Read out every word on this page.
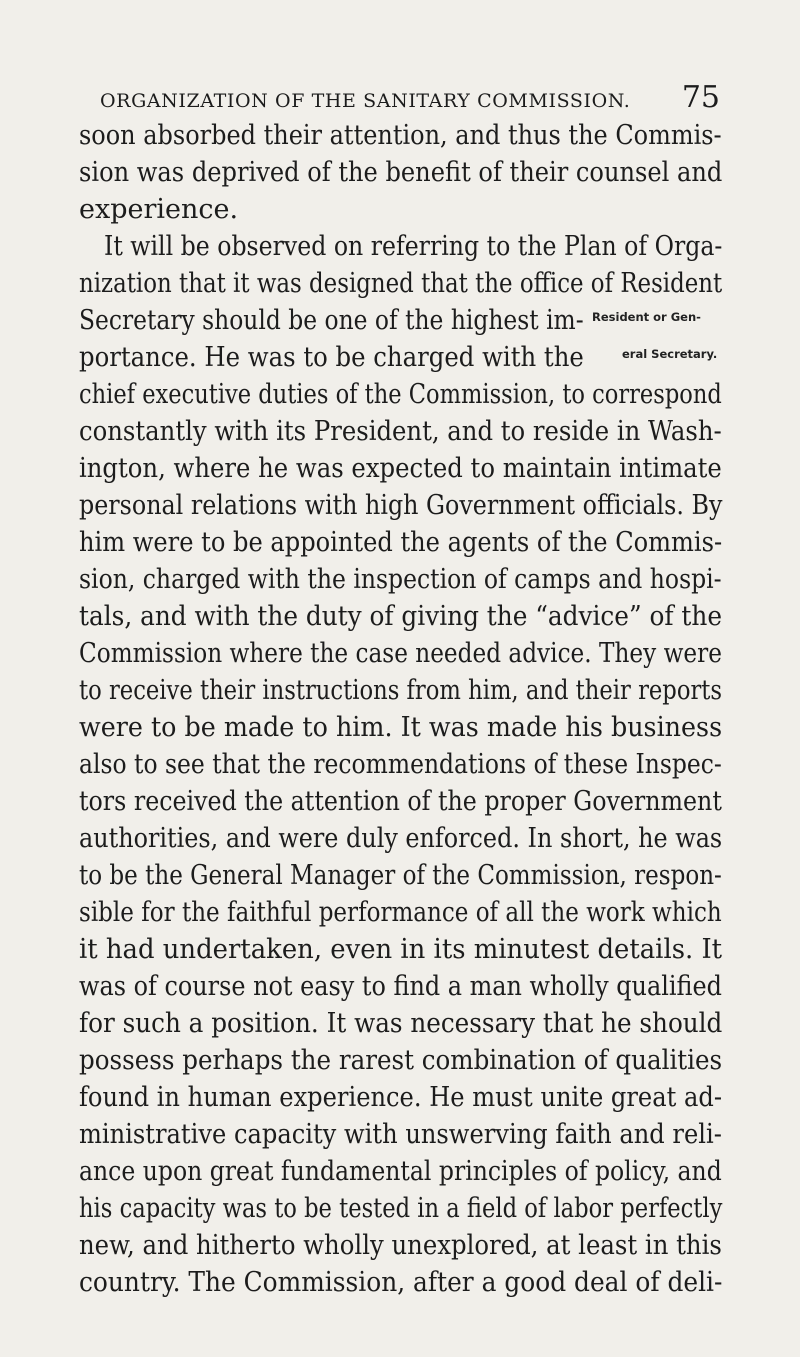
ORGANIZATION OF THE SANITARY COMMISSION. 75
soon absorbed their attention, and thus the Commis-
sion was deprived of the benefit of their counsel and
experience.
It will be observed on referring to the Plan of Orga-
nization that it was designed that the office of Resident
Secretary should be one of the highest im-
portance. He was to be charged with the
chief executive duties of the Commission, to correspond
constantly with its President, and to reside in Wash-
ington, where he was expected to maintain intimate
personal relations with high Government officials. By
him were to be appointed the agents of the Commis-
sion, charged with the inspection of camps and hospi-
tals, and with the duty of giving the “advice” of the
Commission where the case needed advice. They were
to receive their instructions from him, and their reports
were to be made to him. It was made his business
also to see that the recommendations of these Inspec-
tors received the attention of the proper Government
authorities, and were duly enforced. In short, he was
to be the General Manager of the Commission, respon-
sible for the faithful performance of all the work which
it had undertaken, even in its minutest details. It
was of course not easy to find a man wholly qualified
for such a position. It was necessary that he should
possess perhaps the rarest combination of qualities
found in human experience. He must unite great ad-
ministrative capacity with unswerving faith and reli-
ance upon great fundamental principles of policy, and
his capacity was to be tested in a field of labor perfectly
new, and hitherto wholly unexplored, at least in this
country. The Commission, after a good deal of deli-
Resident or Gen-
eral Secretary.
